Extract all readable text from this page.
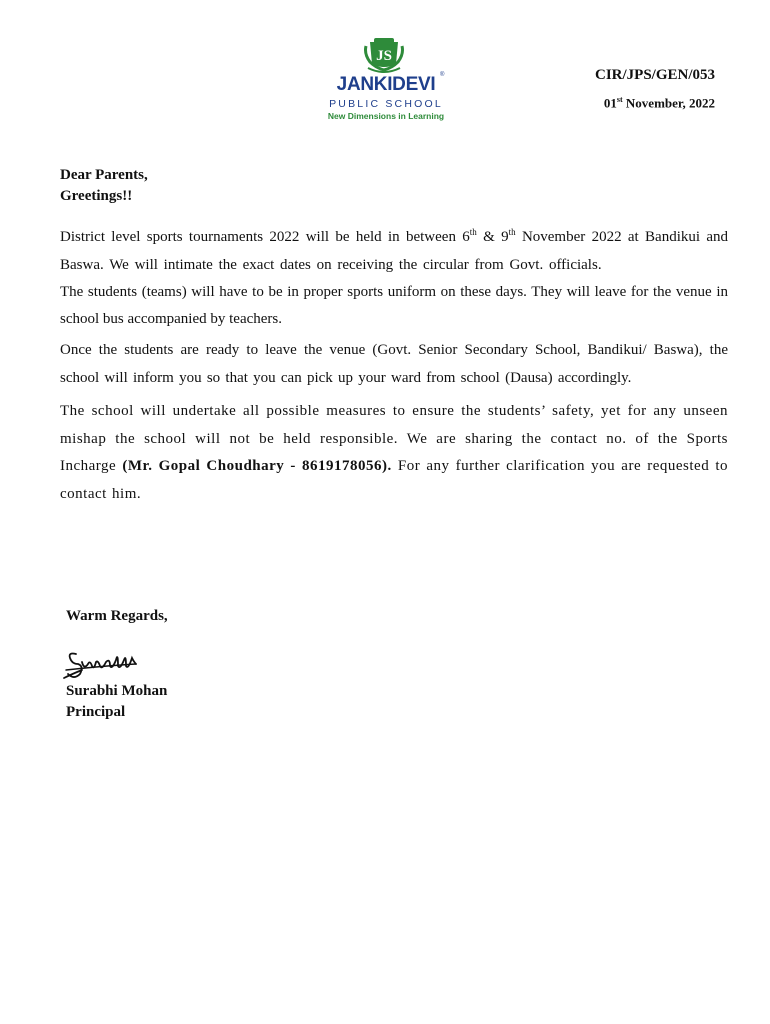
JS
JANKIDEVI ®
PUBLIC SCHOOL
New Dimensions in Learning
CIR/JPS/GEN/053
01st November, 2022
Dear Parents,
Greetings!!

District level sports tournaments 2022 will be held in between 6th & 9th November 2022 at Bandikui and Baswa. We will intimate the exact dates on receiving the circular from Govt. officials.

The students (teams) will have to be in proper sports uniform on these days. They will leave for the venue in school bus accompanied by teachers.

Once the students are ready to leave the venue (Govt. Senior Secondary School, Bandikui/ Baswa), the school will inform you so that you can pick up your ward from school (Dausa) accordingly.

The school will undertake all possible measures to ensure the students’ safety, yet for any unseen mishap the school will not be held responsible. We are sharing the contact no. of the Sports Incharge (Mr. Gopal Choudhary - 8619178056). For any further clarification you are requested to contact him.

Warm Regards,
Surabhi Mohan
Principal
